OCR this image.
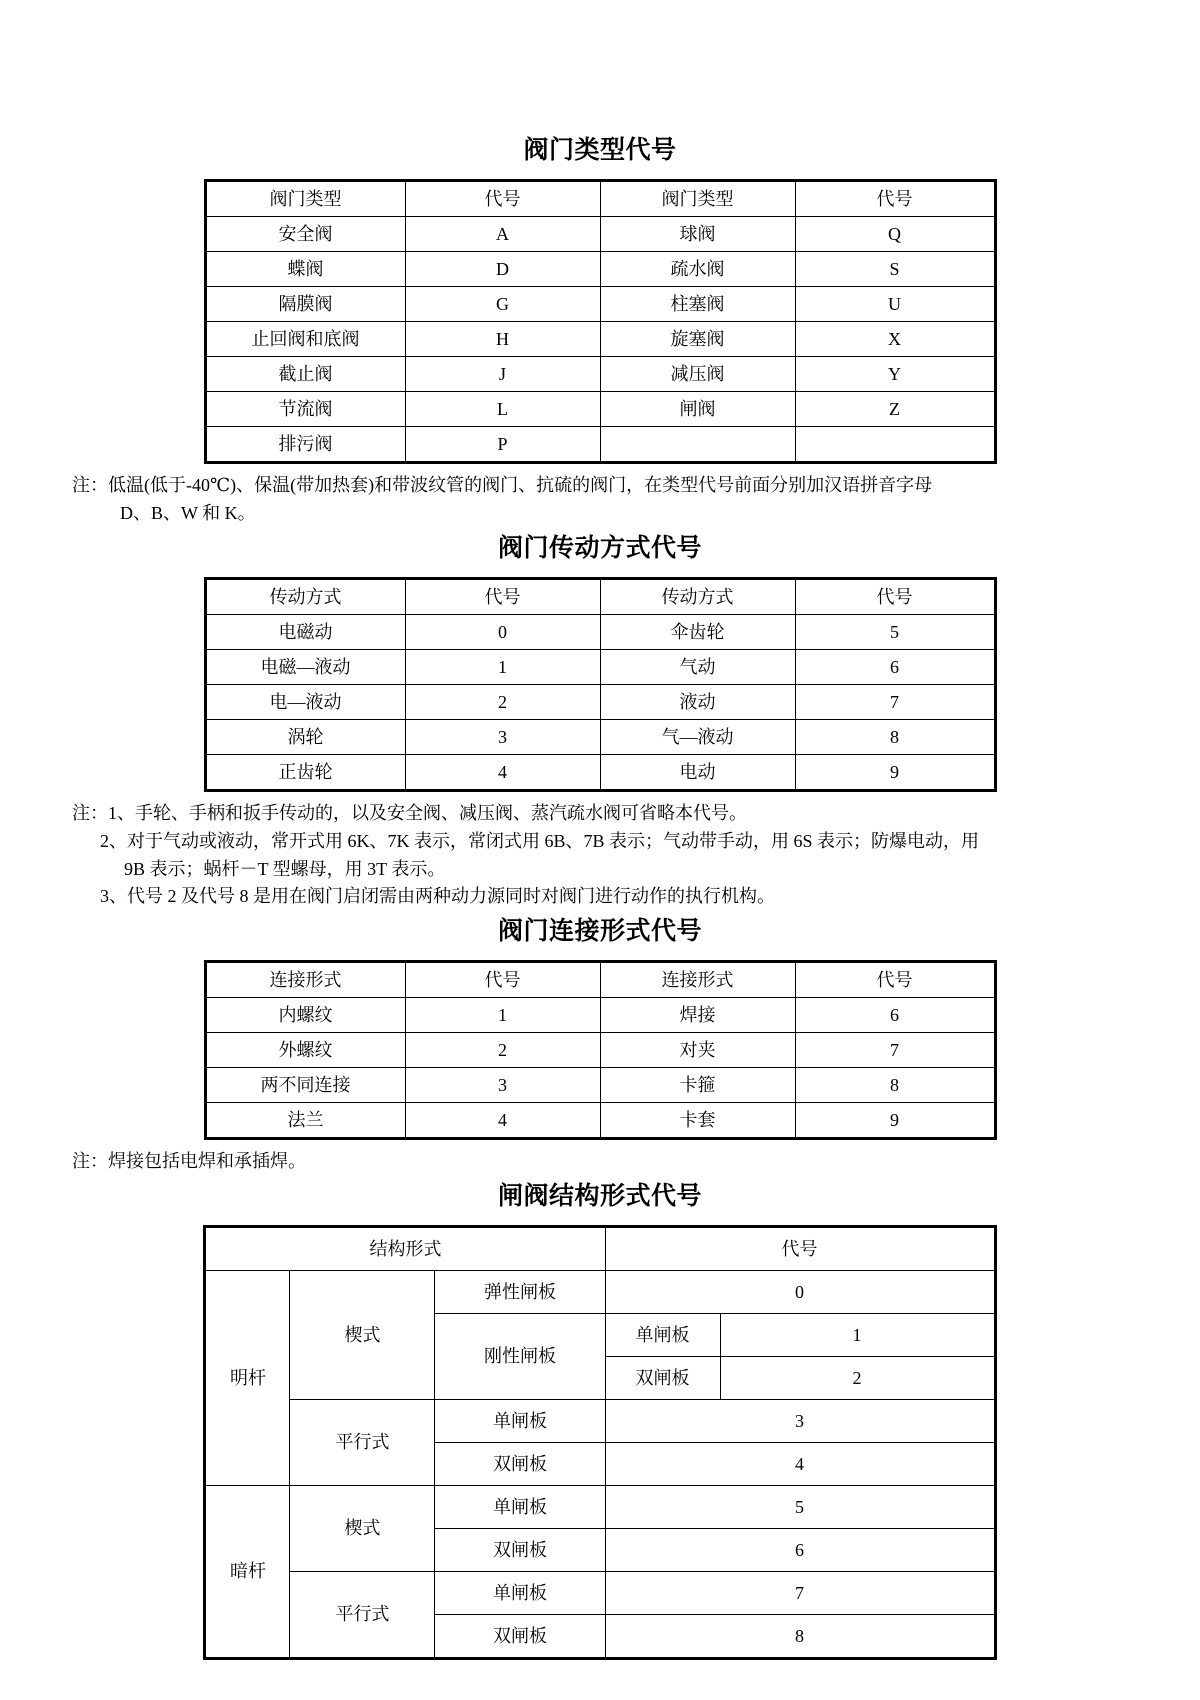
阀门类型代号
阀门类型	代号	阀门类型	代号
安全阀	A	球阀	Q
蝶阀	D	疏水阀	S
隔膜阀	G	柱塞阀	U
止回阀和底阀	H	旋塞阀	X
截止阀	J	减压阀	Y
节流阀	L	闸阀	Z
排污阀	P		
注：低温(低于-40℃)、保温(带加热套)和带波纹管的阀门、抗硫的阀门，在类型代号前面分别加汉语拼音字母
D、B、W 和 K。
阀门传动方式代号
传动方式	代号	传动方式	代号
电磁动	0	伞齿轮	5
电磁—液动	1	气动	6
电—液动	2	液动	7
涡轮	3	气—液动	8
正齿轮	4	电动	9
注：1、手轮、手柄和扳手传动的，以及安全阀、减压阀、蒸汽疏水阀可省略本代号。
2、对于气动或液动，常开式用 6K、7K 表示，常闭式用 6B、7B 表示；气动带手动，用 6S 表示；防爆电动，用
9B 表示；蜗杆－T 型螺母，用 3T 表示。
3、代号 2 及代号 8 是用在阀门启闭需由两种动力源同时对阀门进行动作的执行机构。
阀门连接形式代号
连接形式	代号	连接形式	代号
内螺纹	1	焊接	6
外螺纹	2	对夹	7
两不同连接	3	卡箍	8
法兰	4	卡套	9
注：焊接包括电焊和承插焊。
闸阀结构形式代号
结构形式			代号	
明杆	楔式	弹性闸板	0	
		刚性闸板	单闸板	1
			双闸板	2
	平行式	单闸板	3	
		双闸板	4	
暗杆	楔式	单闸板	5	
		双闸板	6	
	平行式	单闸板	7	
		双闸板	8	
